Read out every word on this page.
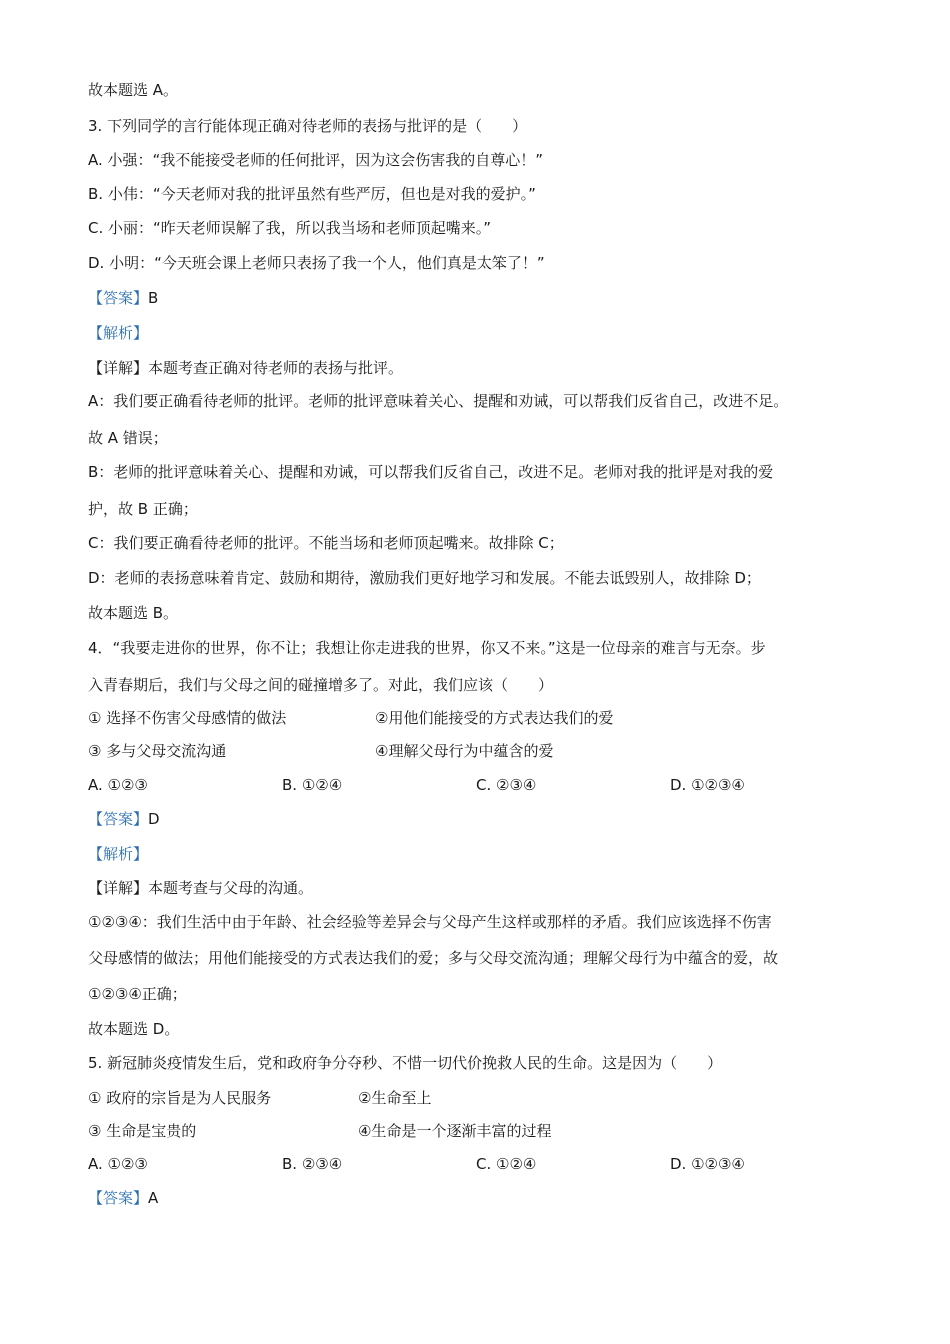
故本题选 A。
3. 下列同学的言行能体现正确对待老师的表扬与批评的是（　　）
A. 小强：“我不能接受老师的任何批评，因为这会伤害我的自尊心！”
B. 小伟：“今天老师对我的批评虽然有些严厉，但也是对我的爱护。”
C. 小丽：“昨天老师误解了我，所以我当场和老师顶起嘴来。”
D. 小明：“今天班会课上老师只表扬了我一个人，他们真是太笨了！”
【答案】B
【解析】
【详解】本题考查正确对待老师的表扬与批评。
A：我们要正确看待老师的批评。老师的批评意味着关心、提醒和劝诫，可以帮我们反省自己，改进不足。
故 A 错误；
B：老师的批评意味着关心、提醒和劝诫，可以帮我们反省自己，改进不足。老师对我的批评是对我的爱
护，故 B 正确；
C：我们要正确看待老师的批评。不能当场和老师顶起嘴来。故排除 C；
D：老师的表扬意味着肯定、鼓励和期待，激励我们更好地学习和发展。不能去诋毁别人，故排除 D；
故本题选 B。
4．“我要走进你的世界，你不让；我想让你走进我的世界，你又不来。”这是一位母亲的难言与无奈。步
入青春期后，我们与父母之间的碰撞增多了。对此，我们应该（　　）
① 选择不伤害父母感情的做法	②用他们能接受的方式表达我们的爱
③ 多与父母交流沟通	④理解父母行为中蕴含的爱
A. ①②③	B. ①②④	C. ②③④	D. ①②③④
【答案】D
【解析】
【详解】本题考查与父母的沟通。
①②③④：我们生活中由于年龄、社会经验等差异会与父母产生这样或那样的矛盾。我们应该选择不伤害
父母感情的做法；用他们能接受的方式表达我们的爱；多与父母交流沟通；理解父母行为中蕴含的爱，故
①②③④正确；
故本题选 D。
5. 新冠肺炎疫情发生后，党和政府争分夺秒、不惜一切代价挽救人民的生命。这是因为（　　）
① 政府的宗旨是为人民服务	②生命至上
③ 生命是宝贵的	④生命是一个逐渐丰富的过程
A. ①②③	B. ②③④	C. ①②④	D. ①②③④
【答案】A
